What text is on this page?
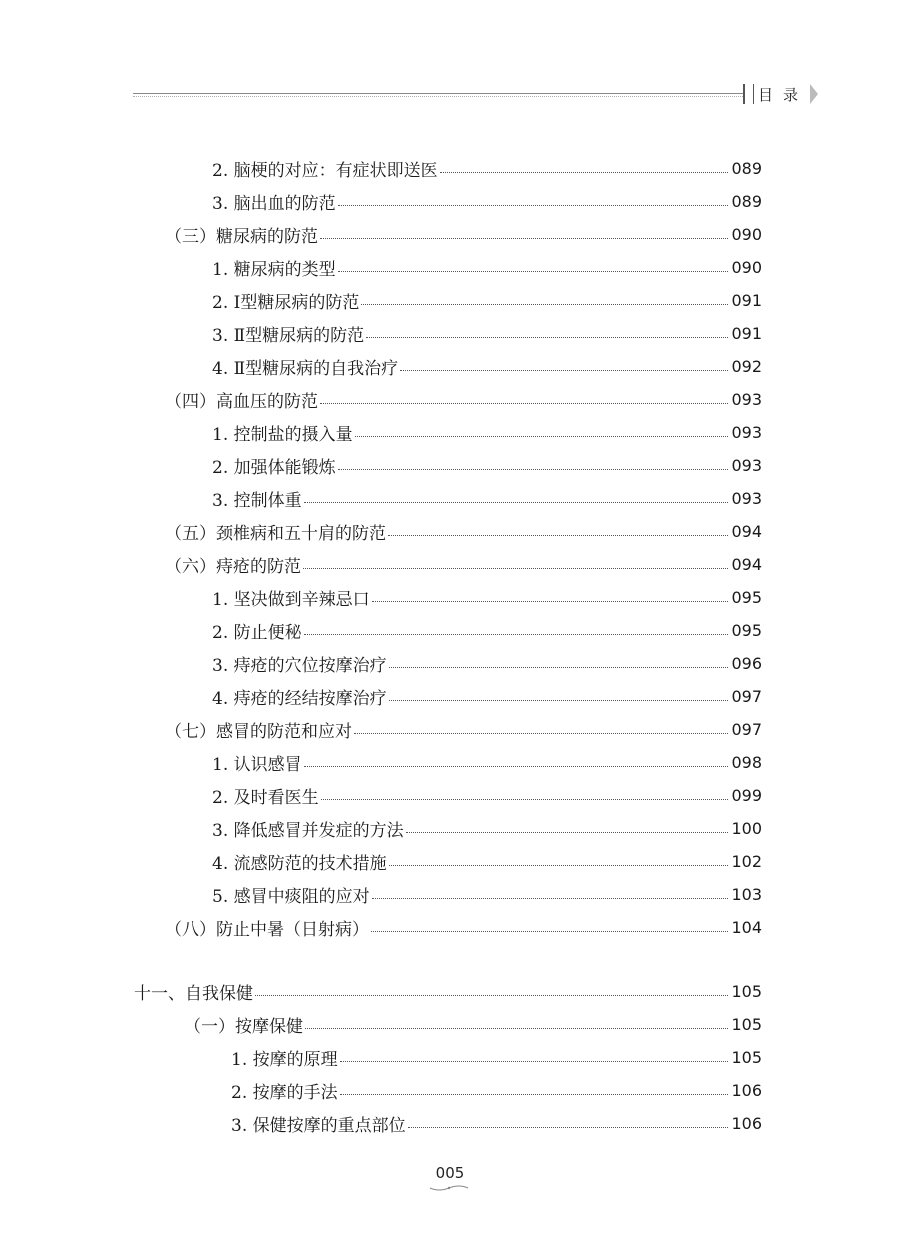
目录
2. 脑梗的对应：有症状即送医	089
3. 脑出血的防范	089
（三）糖尿病的防范	090
1. 糖尿病的类型	090
2. Ⅰ型糖尿病的防范	091
3. Ⅱ型糖尿病的防范	091
4. Ⅱ型糖尿病的自我治疗	092
（四）高血压的防范	093
1. 控制盐的摄入量	093
2. 加强体能锻炼	093
3. 控制体重	093
（五）颈椎病和五十肩的防范	094
（六）痔疮的防范	094
1. 坚决做到辛辣忌口	095
2. 防止便秘	095
3. 痔疮的穴位按摩治疗	096
4. 痔疮的经结按摩治疗	097
（七）感冒的防范和应对	097
1. 认识感冒	098
2. 及时看医生	099
3. 降低感冒并发症的方法	100
4. 流感防范的技术措施	102
5. 感冒中痰阻的应对	103
（八）防止中暑（日射病）	104
十一、自我保健	105
（一）按摩保健	105
1. 按摩的原理	105
2. 按摩的手法	106
3. 保健按摩的重点部位	106
005
